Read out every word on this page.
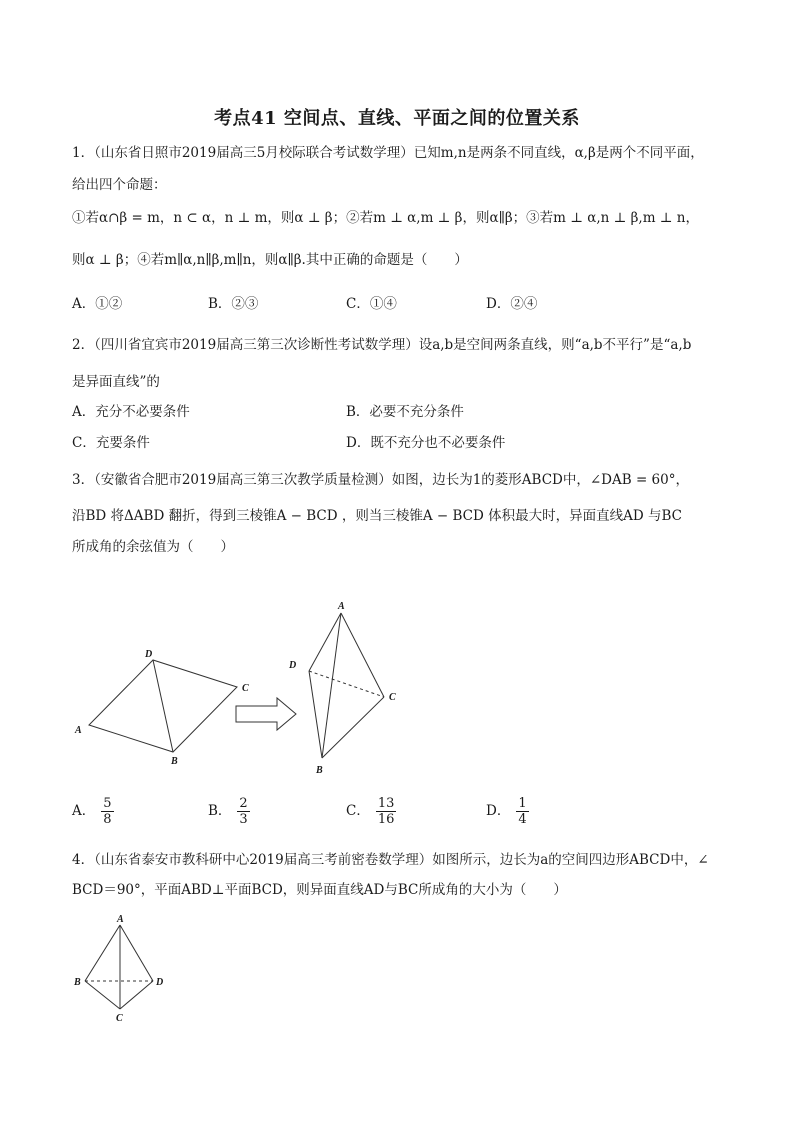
考点41 空间点、直线、平面之间的位置关系
1．（山东省日照市2019届高三5月校际联合考试数学理）已知m,n是两条不同直线，α,β是两个不同平面，
给出四个命题：
①若α∩β = m，n ⊂ α，n ⊥ m，则α ⊥ β；②若m ⊥ α,m ⊥ β，则α∥β；③若m ⊥ α,n ⊥ β,m ⊥ n，
则α ⊥ β；④若m∥α,n∥β,m∥n，则α∥β.其中正确的命题是（　　）
A．①②	B．②③	C．①④	D．②④
2．（四川省宜宾市2019届高三第三次诊断性考试数学理）设a,b是空间两条直线，则“a,b不平行”是“a,b
是异面直线”的
A．充分不必要条件	B．必要不充分条件
C．充要条件	D．既不充分也不必要条件
3．（安徽省合肥市2019届高三第三次教学质量检测）如图，边长为1的菱形ABCD中，∠DAB = 60°，
沿BD 将ΔABD 翻折，得到三棱锥A − BCD ，则当三棱锥A − BCD 体积最大时，异面直线AD 与BC
所成角的余弦值为（　　）
A
D
C
B
A
D
C
B
A． $\frac{5}{8}$	B． $\frac{2}{3}$	C． $\frac{13}{16}$	D． $\frac{1}{4}$
4．（山东省泰安市教科研中心2019届高三考前密卷数学理）如图所示，边长为a的空间四边形ABCD中，∠
BCD＝90°，平面ABD⊥平面BCD，则异面直线AD与BC所成角的大小为（　　）
A
B	D
C
